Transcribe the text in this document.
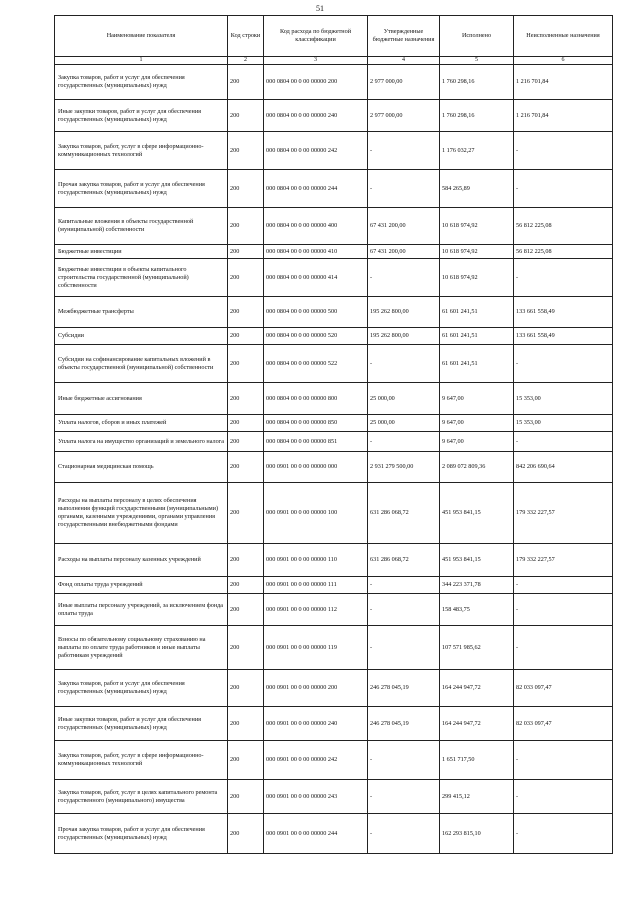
51
Наименование показателя	Код строки	Код расхода по бюджетной классификации	Утвержденные бюджетные назначения	Исполнено	Неисполненные назначения
1	2	3	4	5	6
Закупка товаров, работ и услуг для обеспечения государственных (муниципальных) нужд	200	000 0804 00 0 00 00000 200	2 977 000,00	1 760 298,16	1 216 701,84
Иные закупки товаров, работ и услуг для обеспечения государственных (муниципальных) нужд	200	000 0804 00 0 00 00000 240	2 977 000,00	1 760 298,16	1 216 701,84
Закупка товаров, работ, услуг в сфере информационно-коммуникационных технологий	200	000 0804 00 0 00 00000 242	-	1 176 032,27	-
Прочая закупка товаров, работ и услуг для обеспечения государственных (муниципальных) нужд	200	000 0804 00 0 00 00000 244	-	584 265,89	-
Капитальные вложения в объекты государственной (муниципальной) собственности	200	000 0804 00 0 00 00000 400	67 431 200,00	10 618 974,92	56 812 225,08
Бюджетные инвестиции	200	000 0804 00 0 00 00000 410	67 431 200,00	10 618 974,92	56 812 225,08
Бюджетные инвестиции в объекты капитального строительства государственной (муниципальной) собственности	200	000 0804 00 0 00 00000 414	-	10 618 974,92	-
Межбюджетные трансферты	200	000 0804 00 0 00 00000 500	195 262 800,00	61 601 241,51	133 661 558,49
Субсидии	200	000 0804 00 0 00 00000 520	195 262 800,00	61 601 241,51	133 661 558,49
Субсидии на софинансирование капитальных вложений в объекты государственной (муниципальной) собственности	200	000 0804 00 0 00 00000 522	-	61 601 241,51	-
Иные бюджетные ассигнования	200	000 0804 00 0 00 00000 800	25 000,00	9 647,00	15 353,00
Уплата налогов, сборов и иных платежей	200	000 0804 00 0 00 00000 850	25 000,00	9 647,00	15 353,00
Уплата налога на имущество организаций и земельного налога	200	000 0804 00 0 00 00000 851	-	9 647,00	-
Стационарная медицинская помощь	200	000 0901 00 0 00 00000 000	2 931 279 500,00	2 089 072 809,36	842 206 690,64
Расходы на выплаты персоналу в целях обеспечения выполнения функций государственными (муниципальными) органами, казенными учреждениями, органами управления государственными внебюджетными фондами	200	000 0901 00 0 00 00000 100	631 286 068,72	451 953 841,15	179 332 227,57
Расходы на выплаты персоналу казенных учреждений	200	000 0901 00 0 00 00000 110	631 286 068,72	451 953 841,15	179 332 227,57
Фонд оплаты труда учреждений	200	000 0901 00 0 00 00000 111	-	344 223 371,78	-
Иные выплаты персоналу учреждений, за исключением фонда оплаты труда	200	000 0901 00 0 00 00000 112	-	158 483,75	-
Взносы по обязательному социальному страхованию на выплаты по оплате труда работников и иные выплаты работникам учреждений	200	000 0901 00 0 00 00000 119	-	107 571 985,62	-
Закупка товаров, работ и услуг для обеспечения государственных (муниципальных) нужд	200	000 0901 00 0 00 00000 200	246 278 045,19	164 244 947,72	82 033 097,47
Иные закупки товаров, работ и услуг для обеспечения государственных (муниципальных) нужд	200	000 0901 00 0 00 00000 240	246 278 045,19	164 244 947,72	82 033 097,47
Закупка товаров, работ, услуг в сфере информационно-коммуникационных технологий	200	000 0901 00 0 00 00000 242	-	1 651 717,50	-
Закупка товаров, работ, услуг в целях капитального ремонта государственного (муниципального) имущества	200	000 0901 00 0 00 00000 243	-	299 415,12	-
Прочая закупка товаров, работ и услуг для обеспечения государственных (муниципальных) нужд	200	000 0901 00 0 00 00000 244	-	162 293 815,10	-
